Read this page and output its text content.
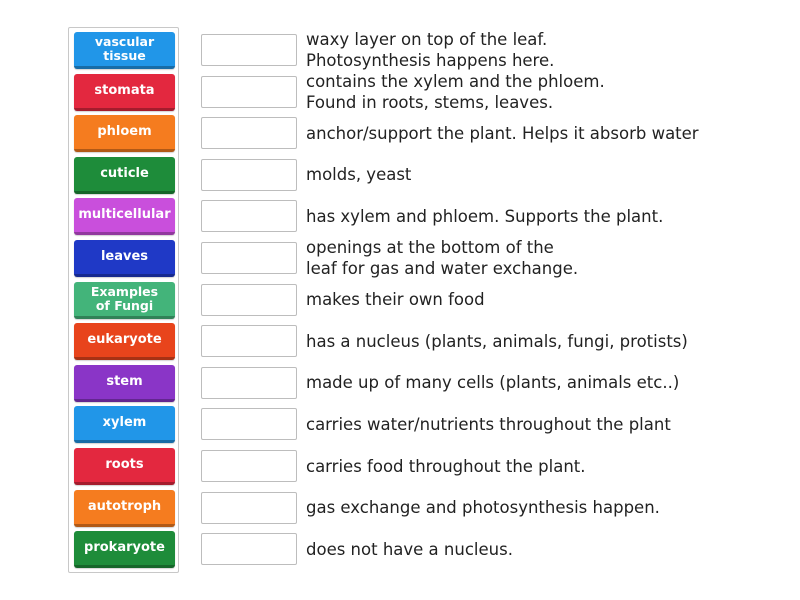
vascular
tissue
stomata
phloem
cuticle
multicellular
leaves
Examples
of Fungi
eukaryote
stem
xylem
roots
autotroph
prokaryote
waxy layer on top of the leaf.
Photosynthesis happens here.
contains the xylem and the phloem.
Found in roots, stems, leaves.
anchor/support the plant. Helps it absorb water
molds, yeast
has xylem and phloem. Supports the plant.
openings at the bottom of the
leaf for gas and water exchange.
makes their own food
has a nucleus (plants, animals, fungi, protists)
made up of many cells (plants, animals etc..)
carries water/nutrients throughout the plant
carries food throughout the plant.
gas exchange and photosynthesis happen.
does not have a nucleus.
